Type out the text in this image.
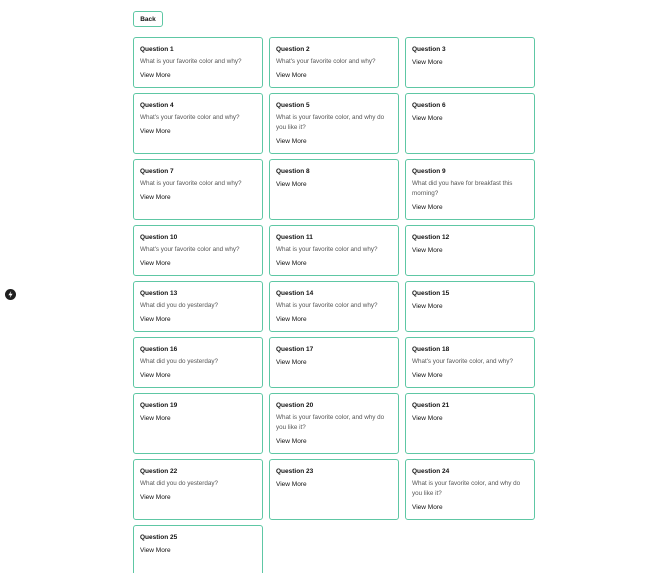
Back
Question 1
What is your favorite color and why?
View More
Question 2
What's your favorite color and why?
View More
Question 3
View More
Question 4
What's your favorite color and why?
View More
Question 5
What is your favorite color, and why do you like it?
View More
Question 6
View More
Question 7
What is your favorite color and why?
View More
Question 8
View More
Question 9
What did you have for breakfast this morning?
View More
Question 10
What's your favorite color and why?
View More
Question 11
What is your favorite color and why?
View More
Question 12
View More
Question 13
What did you do yesterday?
View More
Question 14
What is your favorite color and why?
View More
Question 15
View More
Question 16
What did you do yesterday?
View More
Question 17
View More
Question 18
What's your favorite color, and why?
View More
Question 19
View More
Question 20
What is your favorite color, and why do you like it?
View More
Question 21
View More
Question 22
What did you do yesterday?
View More
Question 23
View More
Question 24
What is your favorite color, and why do you like it?
View More
Question 25
View More
